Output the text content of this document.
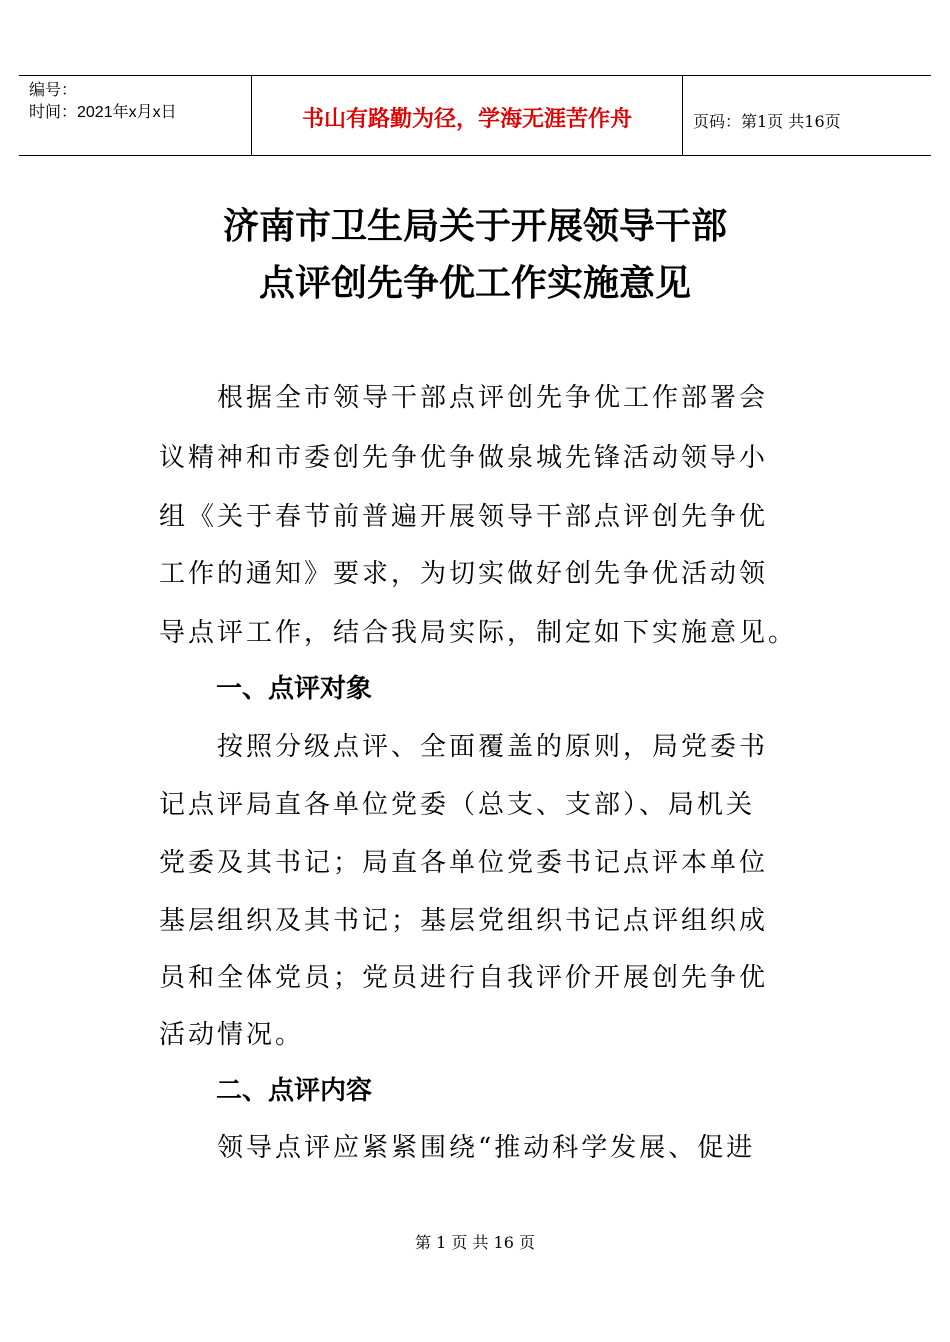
编号：
时间：2021年x月x日	书山有路勤为径，学海无涯苦作舟	页码：第1页 共16页
济南市卫生局关于开展领导干部
点评创先争优工作实施意见
　　根据全市领导干部点评创先争优工作部署会
议精神和市委创先争优争做泉城先锋活动领导小
组《关于春节前普遍开展领导干部点评创先争优
工作的通知》要求，为切实做好创先争优活动领
导点评工作，结合我局实际，制定如下实施意见。
一、点评对象
　　按照分级点评、全面覆盖的原则，局党委书
记点评局直各单位党委（总支、支部）、局机关
党委及其书记；局直各单位党委书记点评本单位
基层组织及其书记；基层党组织书记点评组织成
员和全体党员；党员进行自我评价开展创先争优
活动情况。
二、点评内容
　　领导点评应紧紧围绕“推动科学发展、促进
第 1 页 共 16 页
